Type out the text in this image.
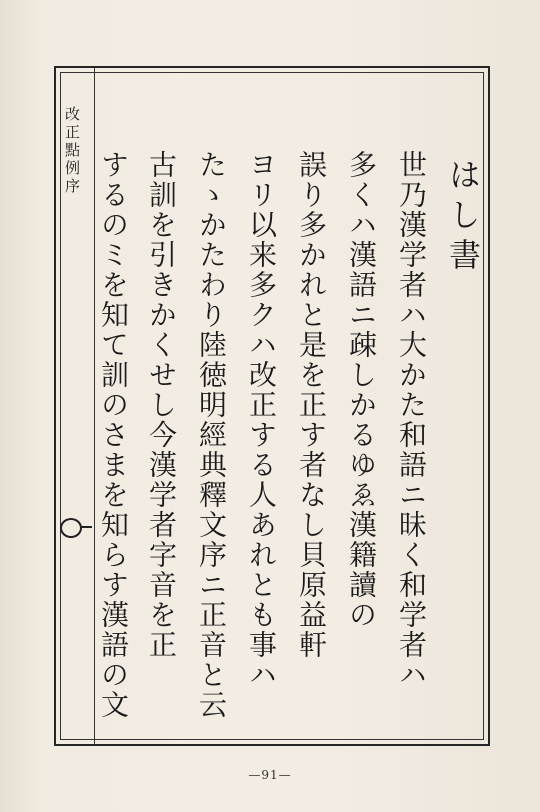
改正點例序
はし書
世乃漢学者ハ大かた和語ニ昧く和学者ハ
多くハ漢語ニ疎しかるゆゑ漢籍讀の
誤り多かれと是を正す者なし貝原益軒
ヨリ以来多クハ改正する人あれとも事ハ
たゝかたわり陸徳明經典釋文序ニ正音と云
古訓を引きかくせし今漢学者字音を正
するのミを知て訓のさまを知らす漢語の文
—91—
